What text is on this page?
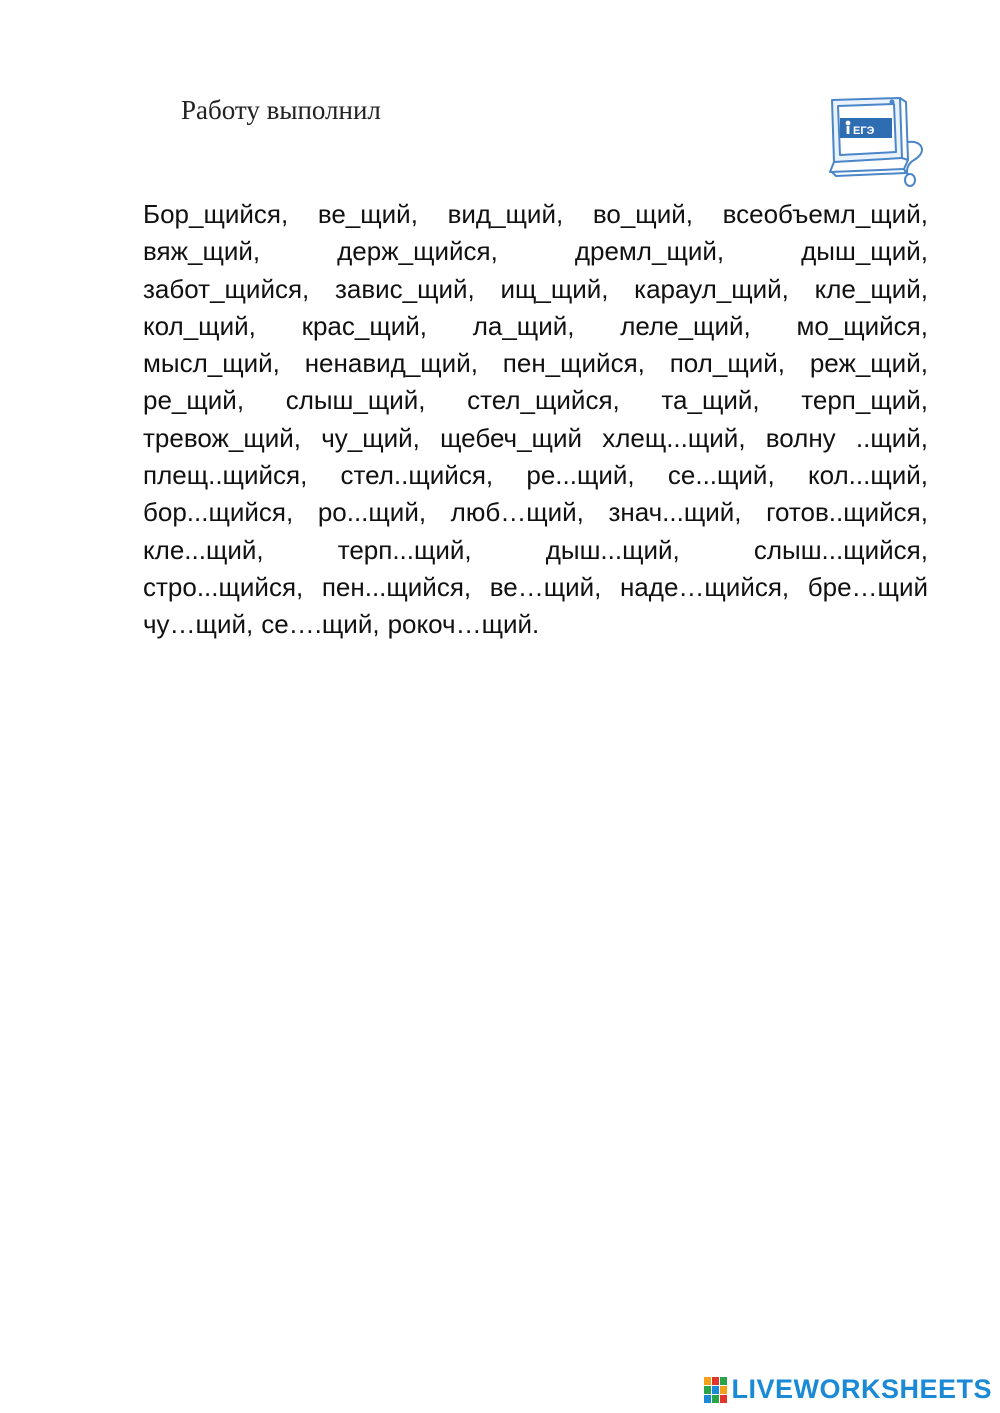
Работу выполнил
ЕГЭ
Бор_щийся, ве_щий, вид_щий, во_щий, всеобъемл_щий,
вяж_щий,	держ_щийся,	дремл_щий,	дыш_щий,
забот_щийся, завис_щий, ищ_щий, караул_щий, кле_щий,
кол_щий, крас_щий, ла_щий, леле_щий, мо_щийся,
мысл_щий, ненавид_щий, пен_щийся, пол_щий, реж_щий,
ре_щий, слыш_щий, стел_щийся, та_щий, терп_щий,
тревож_щий, чу_щий, щебеч_щий хлещ...щий, волну ..щий,
плещ..щийся, стел..щийся, ре...щий, се...щий, кол...щий,
бор...щийся, ро...щий, люб…щий, знач...щий, готов..щийся,
кле...щий,	терп...щий,	дыш...щий,	слыш...щийся,
стро...щийся, пен...щийся, ве…щий, наде…щийся, бре…щий
чу…щий, се….щий, рокоч…щий.
LIVEWORKSHEETS
